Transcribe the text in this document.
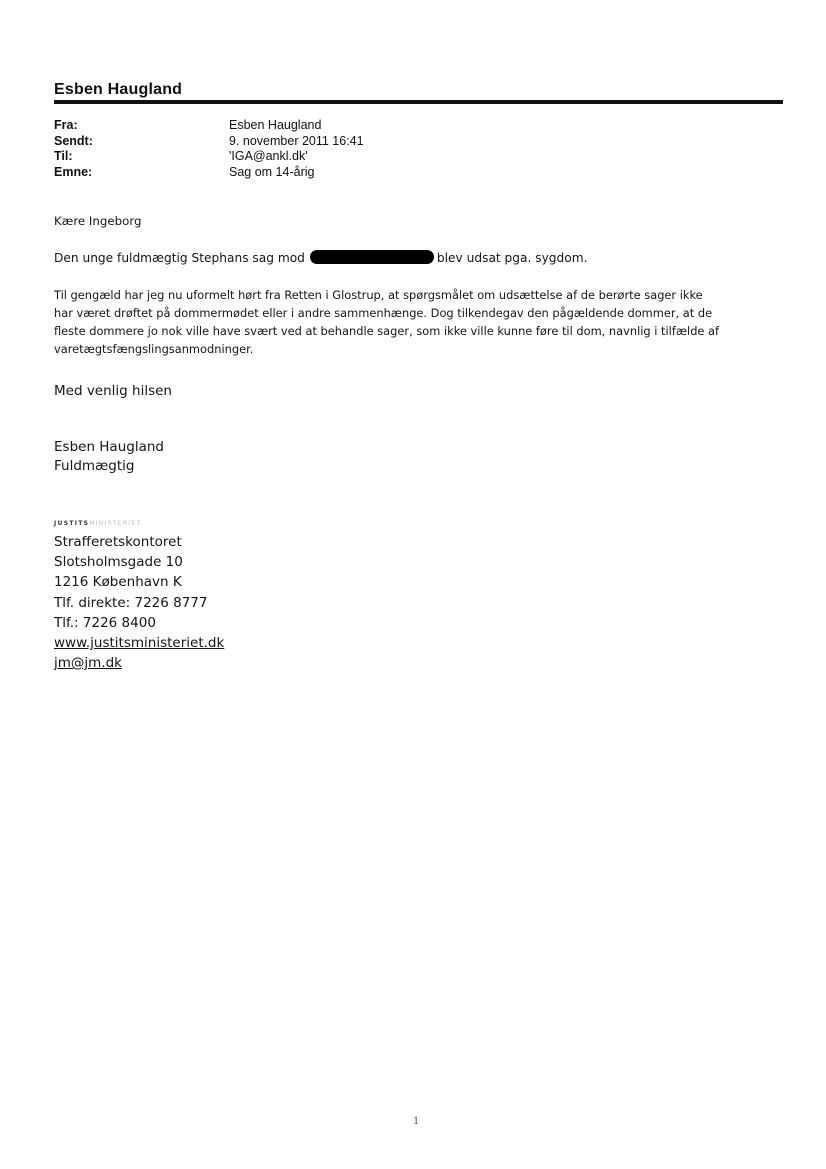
Esben Haugland
Fra:	Esben Haugland
Sendt:	9. november 2011 16:41
Til:	'IGA@ankl.dk'
Emne:	Sag om 14-årig
Kære Ingeborg
Den unge fuldmægtig Stephans sag mod	blev udsat pga. sygdom.
Til gengæld har jeg nu uformelt hørt fra Retten i Glostrup, at spørgsmålet om udsættelse af de berørte sager ikke
har været drøftet på dommermødet eller i andre sammenhænge. Dog tilkendegav den pågældende dommer, at de
fleste dommere jo nok ville have svært ved at behandle sager, som ikke ville kunne føre til dom, navnlig i tilfælde af
varetægtsfængslingsanmodninger.
Med venlig hilsen
Esben Haugland
Fuldmægtig
JUSTITSMINISTERIET
Strafferetskontoret
Slotsholmsgade 10
1216 København K
Tlf. direkte: 7226 8777
Tlf.: 7226 8400
www.justitsministeriet.dk
jm@jm.dk
1
